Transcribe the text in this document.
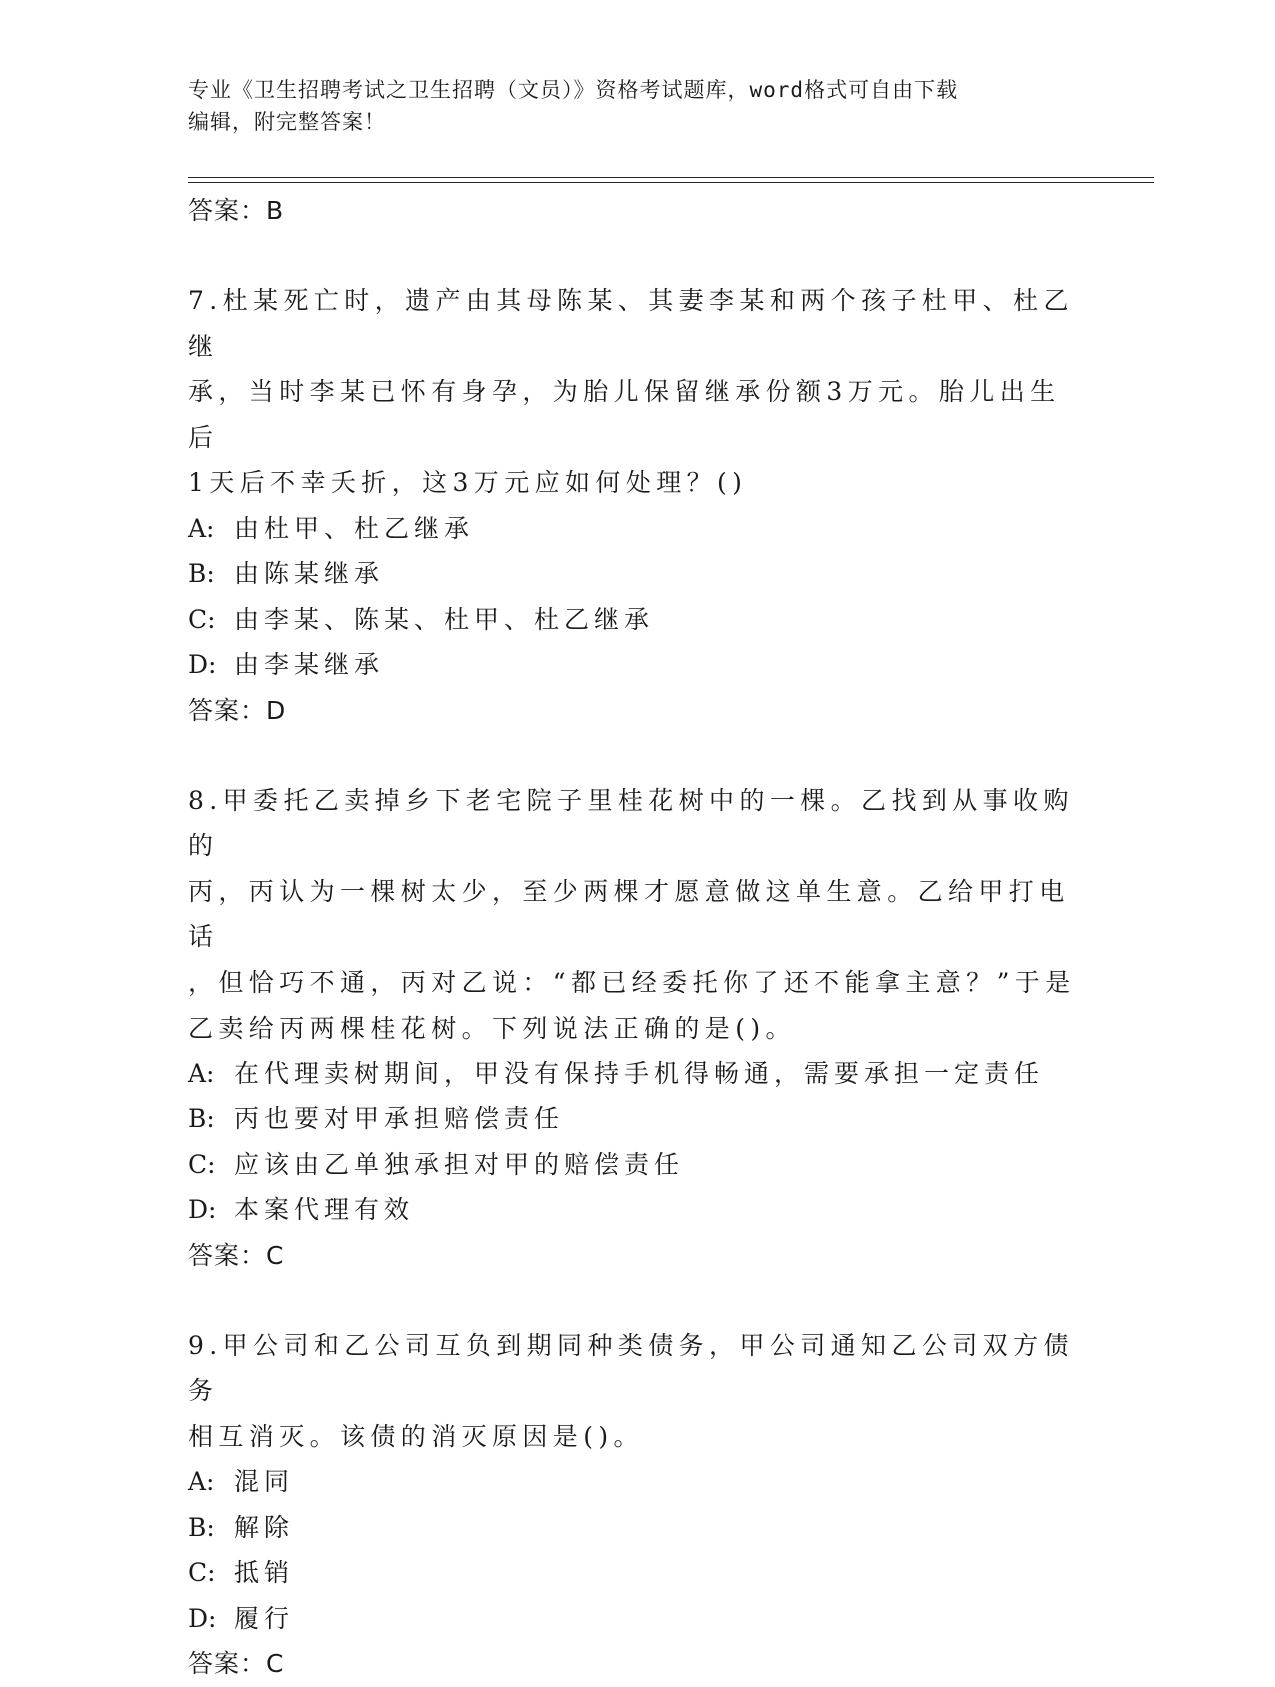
专业《卫生招聘考试之卫生招聘（文员）》资格考试题库，word格式可自由下载
编辑，附完整答案！
答案：B
7.杜某死亡时，遗产由其母陈某、其妻李某和两个孩子杜甲、杜乙继
承，当时李某已怀有身孕，为胎儿保留继承份额3万元。胎儿出生后
1天后不幸夭折，这3万元应如何处理？()
A: 由杜甲、杜乙继承
B: 由陈某继承
C: 由李某、陈某、杜甲、杜乙继承
D: 由李某继承
答案：D
8.甲委托乙卖掉乡下老宅院子里桂花树中的一棵。乙找到从事收购的
丙，丙认为一棵树太少，至少两棵才愿意做这单生意。乙给甲打电话
，但恰巧不通，丙对乙说：“都已经委托你了还不能拿主意？”于是
乙卖给丙两棵桂花树。下列说法正确的是()。
A: 在代理卖树期间，甲没有保持手机得畅通，需要承担一定责任
B: 丙也要对甲承担赔偿责任
C: 应该由乙单独承担对甲的赔偿责任
D: 本案代理有效
答案：C
9.甲公司和乙公司互负到期同种类债务，甲公司通知乙公司双方债务
相互消灭。该债的消灭原因是()。
A: 混同
B: 解除
C: 抵销
D: 履行
答案：C
